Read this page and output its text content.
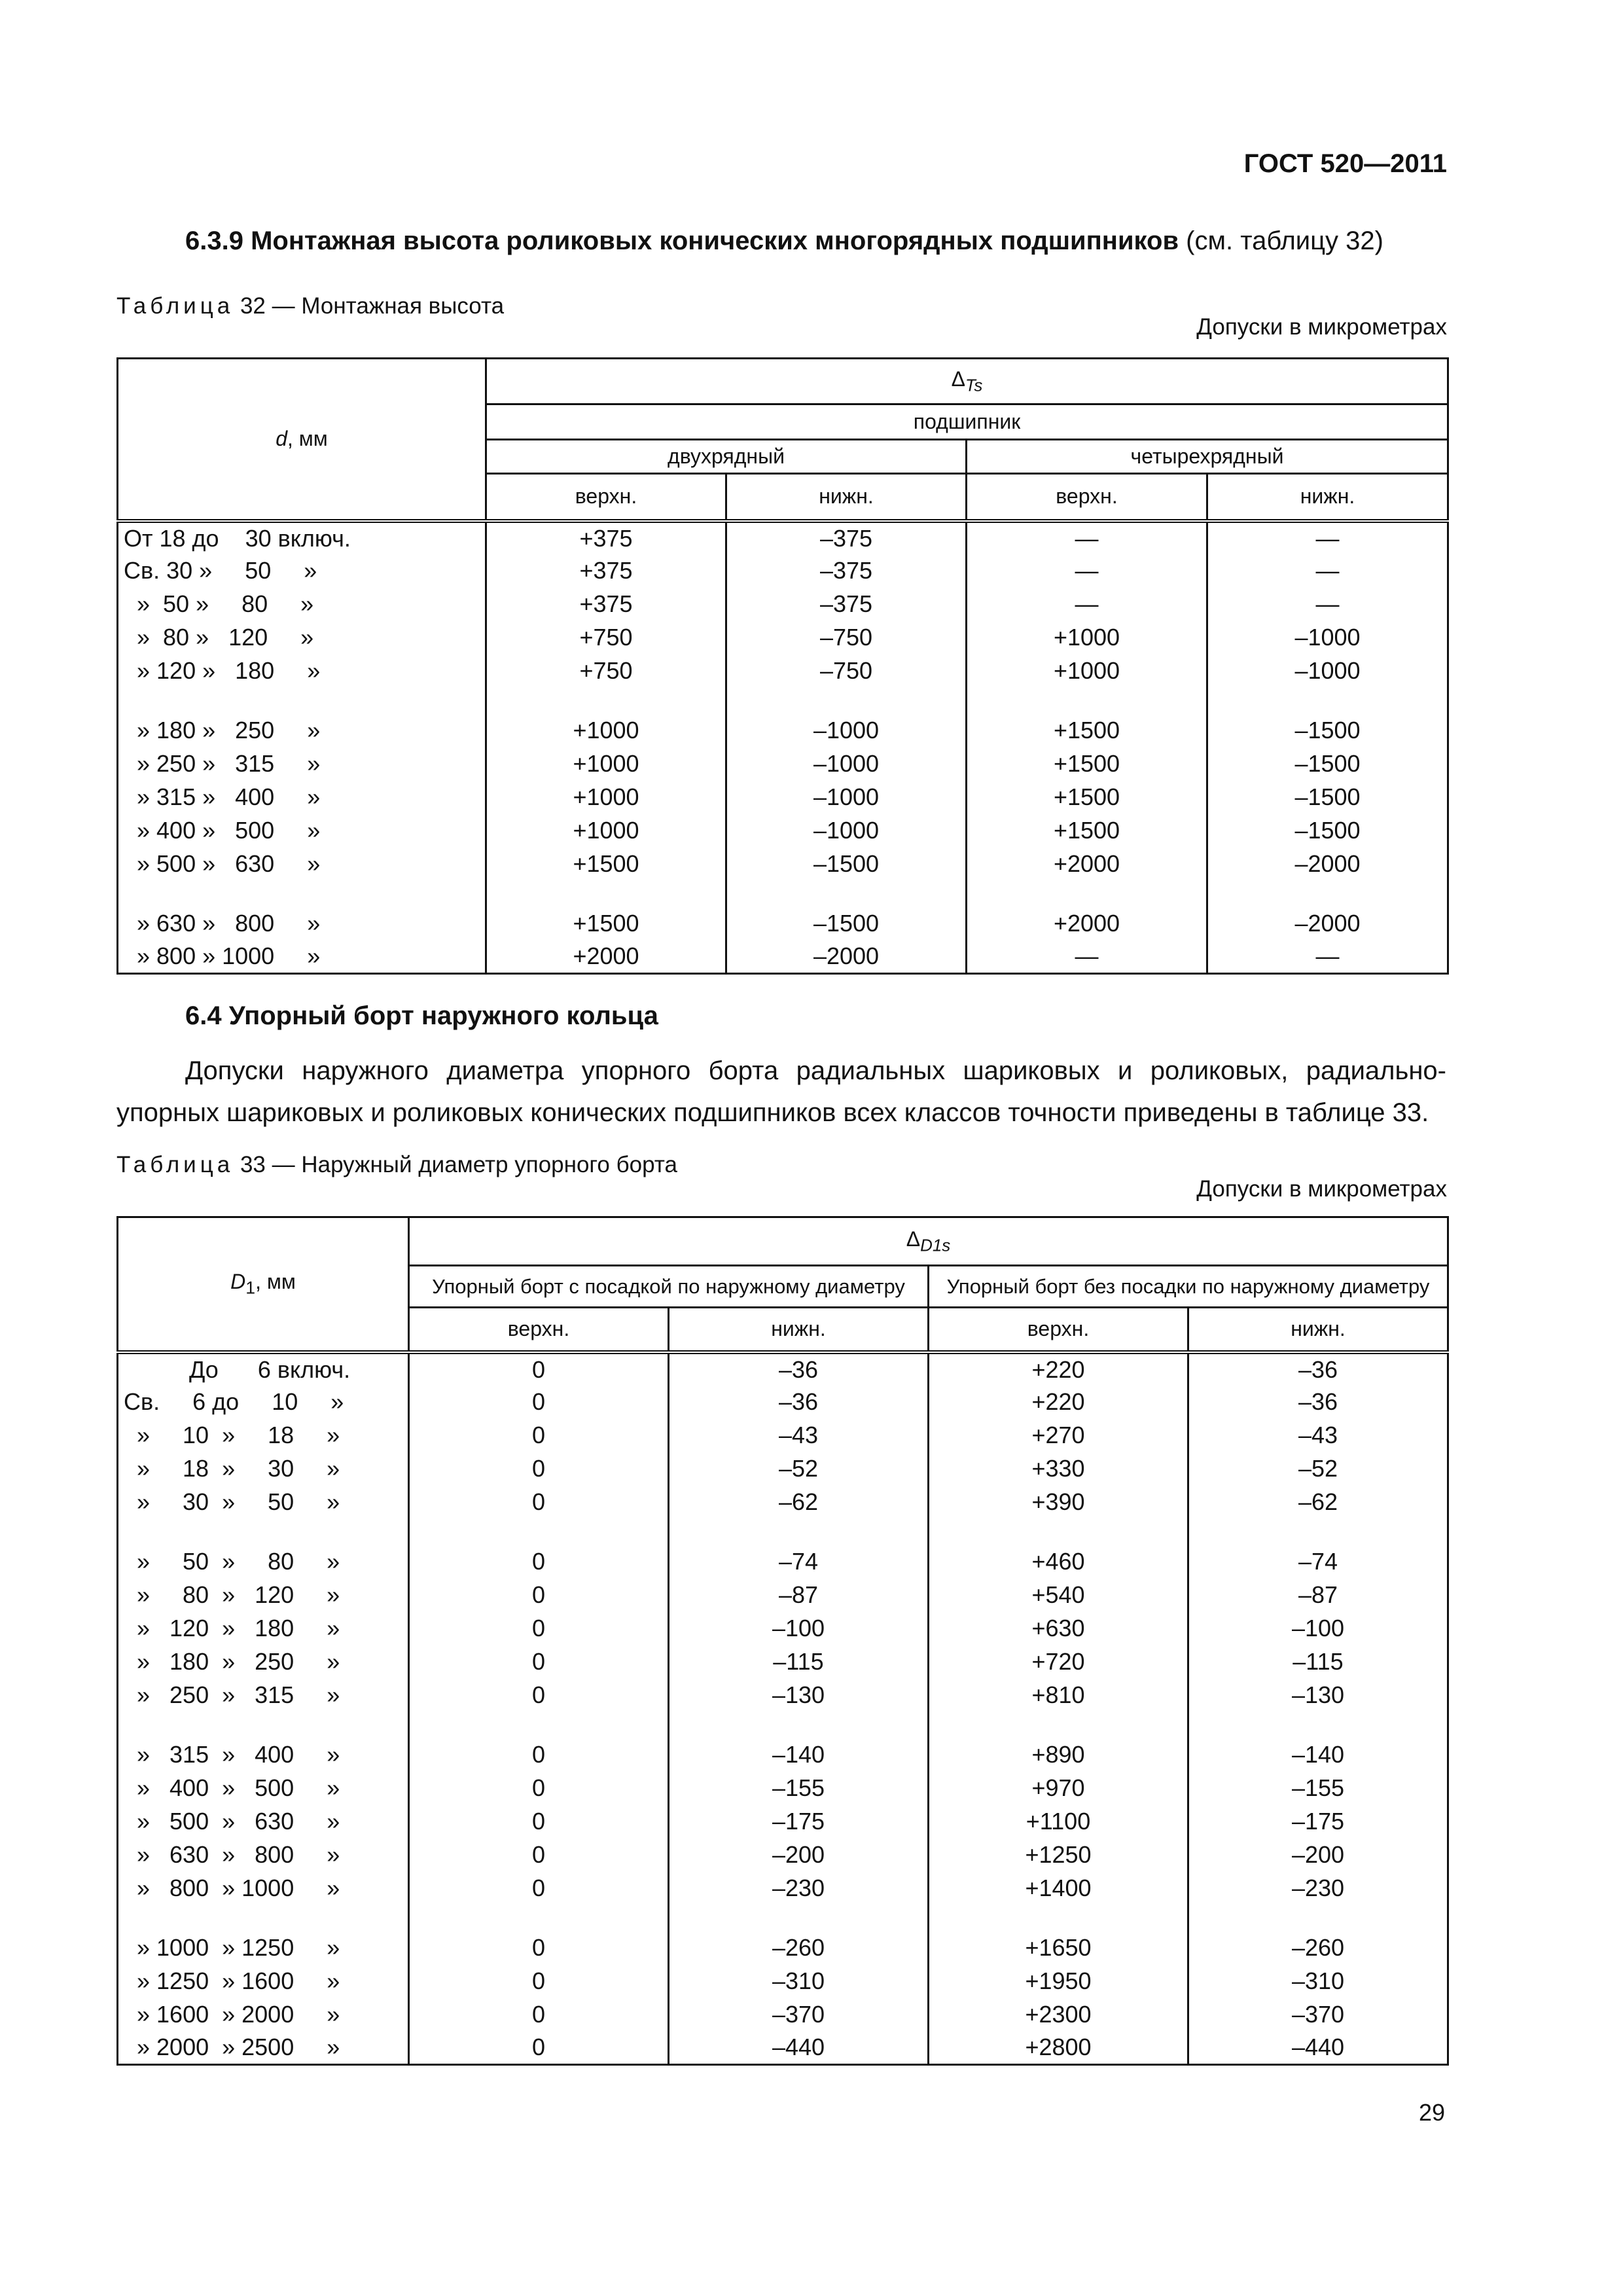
ГОСТ 520—2011
6.3.9 Монтажная высота роликовых конических многорядных подшипников (см. таблицу 32)
Таблица 32 — Монтажная высота
Допуски в микрометрах
d, мм	$\Delta_{Ts}$
	подшипник			
	двухрядный		четырехрядный	
	верхн.	нижн.	верхн.	нижн.
От 18 до    30 включ.	+375	–375	—	—
Св. 30 »     50     »	+375	–375	—	—
»  50 »     80     »	+375	–375	—	—
»  80 »   120     »	+750	–750	+1000	–1000
» 120 »   180     »	+750	–750	+1000	–1000

» 180 »   250     »	+1000	–1000	+1500	–1500
» 250 »   315     »	+1000	–1000	+1500	–1500
» 315 »   400     »	+1000	–1000	+1500	–1500
» 400 »   500     »	+1000	–1000	+1500	–1500
» 500 »   630     »	+1500	–1500	+2000	–2000

» 630 »   800     »	+1500	–1500	+2000	–2000
» 800 » 1000     »	+2000	–2000	—	—
6.4 Упорный борт наружного кольца
Допуски наружного диаметра упорного борта радиальных шариковых и роликовых, радиально-
упорных шариковых и роликовых конических подшипников всех классов точности приведены в таблице 33.
Таблица 33 — Наружный диаметр упорного борта
Допуски в микрометрах
$D_1$, мм	$\Delta_{D1s}$
	Упорный борт с посадкой по наружному диаметру		Упорный борт без посадки по наружному диаметру	
	верхн.	нижн.	верхн.	нижн.
До      6 включ.	0	–36	+220	–36
Св.     6 до     10     »	0	–36	+220	–36
»     10  »     18     »	0	–43	+270	–43
»     18  »     30     »	0	–52	+330	–52
»     30  »     50     »	0	–62	+390	–62

»     50  »     80     »	0	–74	+460	–74
»     80  »   120     »	0	–87	+540	–87
»   120  »   180     »	0	–100	+630	–100
»   180  »   250     »	0	–115	+720	–115
»   250  »   315     »	0	–130	+810	–130

»   315  »   400     »	0	–140	+890	–140
»   400  »   500     »	0	–155	+970	–155
»   500  »   630     »	0	–175	+1100	–175
»   630  »   800     »	0	–200	+1250	–200
»   800  » 1000     »	0	–230	+1400	–230

» 1000  » 1250     »	0	–260	+1650	–260
» 1250  » 1600     »	0	–310	+1950	–310
» 1600  » 2000     »	0	–370	+2300	–370
» 2000  » 2500     »	0	–440	+2800	–440
29
